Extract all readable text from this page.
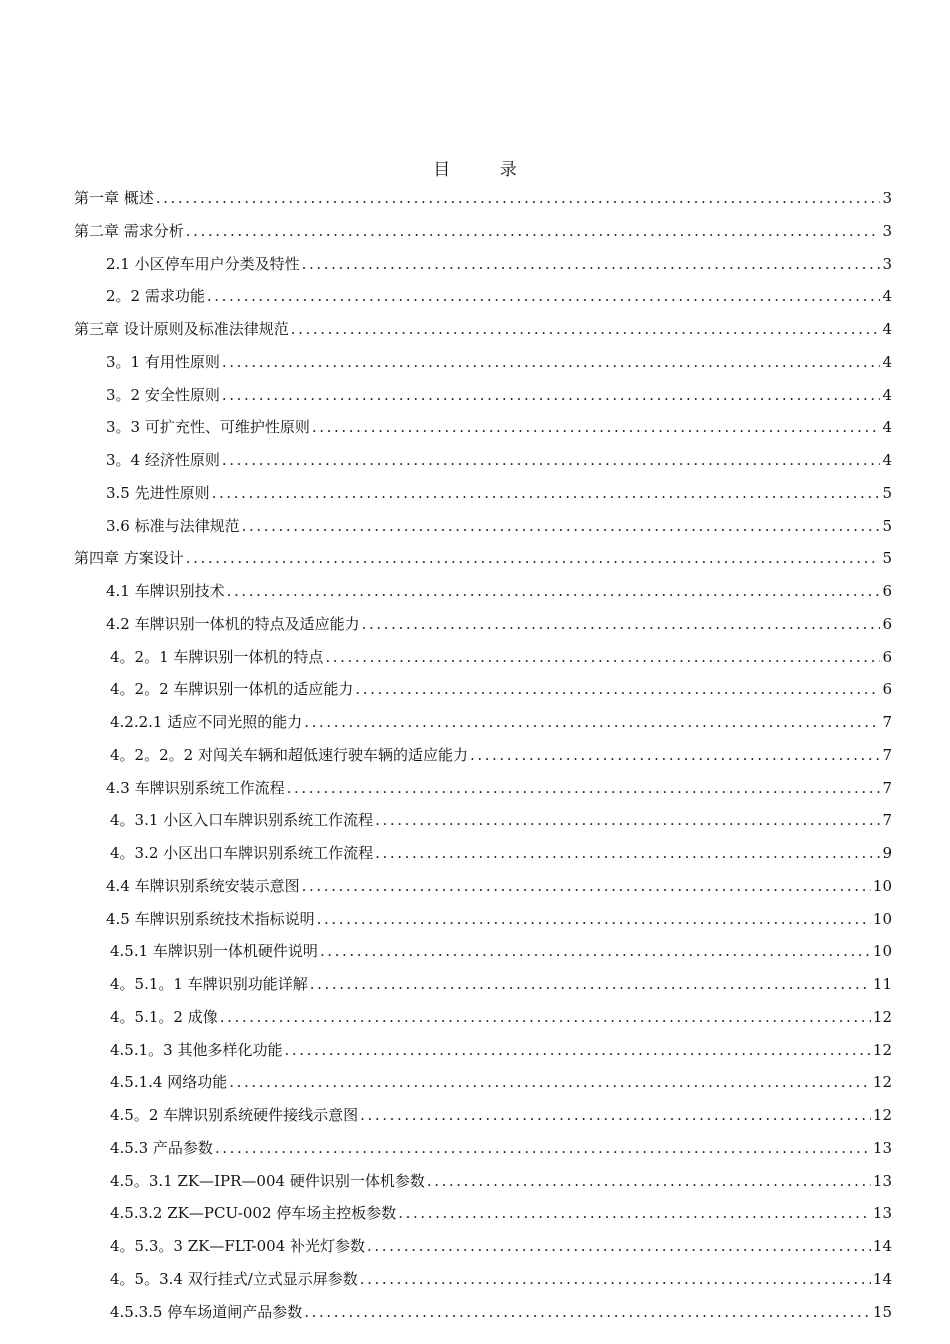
目 录
第一章 概述 .....	3
第二章 需求分析 .....	3
2.1 小区停车用户分类及特性 .....	3
2。2 需求功能 .....	4
第三章 设计原则及标准法律规范 .....	4
3。1 有用性原则 .....	4
3。2 安全性原则 .....	4
3。3 可扩充性、可维护性原则 .....	4
3。4 经济性原则 .....	4
3.5 先进性原则 .....	5
3.6 标准与法律规范 .....	5
第四章 方案设计 .....	5
4.1 车牌识别技术 .....	6
4.2 车牌识别一体机的特点及适应能力 .....	6
4。2。1 车牌识别一体机的特点 .....	6
4。2。2 车牌识别一体机的适应能力 .....	6
4.2.2.1 适应不同光照的能力 .....	7
4。2。2。2 对闯关车辆和超低速行驶车辆的适应能力 .....	7
4.3 车牌识别系统工作流程 .....	7
4。3.1 小区入口车牌识别系统工作流程 .....	7
4。3.2 小区出口车牌识别系统工作流程 .....	9
4.4 车牌识别系统安装示意图 .....	10
4.5 车牌识别系统技术指标说明 .....	10
4.5.1 车牌识别一体机硬件说明 .....	10
4。5.1。1 车牌识别功能详解 .....	11
4。5.1。2 成像 .....	12
4.5.1。3 其他多样化功能 .....	12
4.5.1.4 网络功能 .....	12
4.5。2 车牌识别系统硬件接线示意图 .....	12
4.5.3 产品参数 .....	13
4.5。3.1 ZK—IPR—004 硬件识别一体机参数 .....	13
4.5.3.2 ZK—PCU-002 停车场主控板参数 .....	13
4。5.3。3 ZK—FLT-004 补光灯参数 .....	14
4。5。3.4 双行挂式/立式显示屏参数 .....	14
4.5.3.5 停车场道闸产品参数 .....	15
